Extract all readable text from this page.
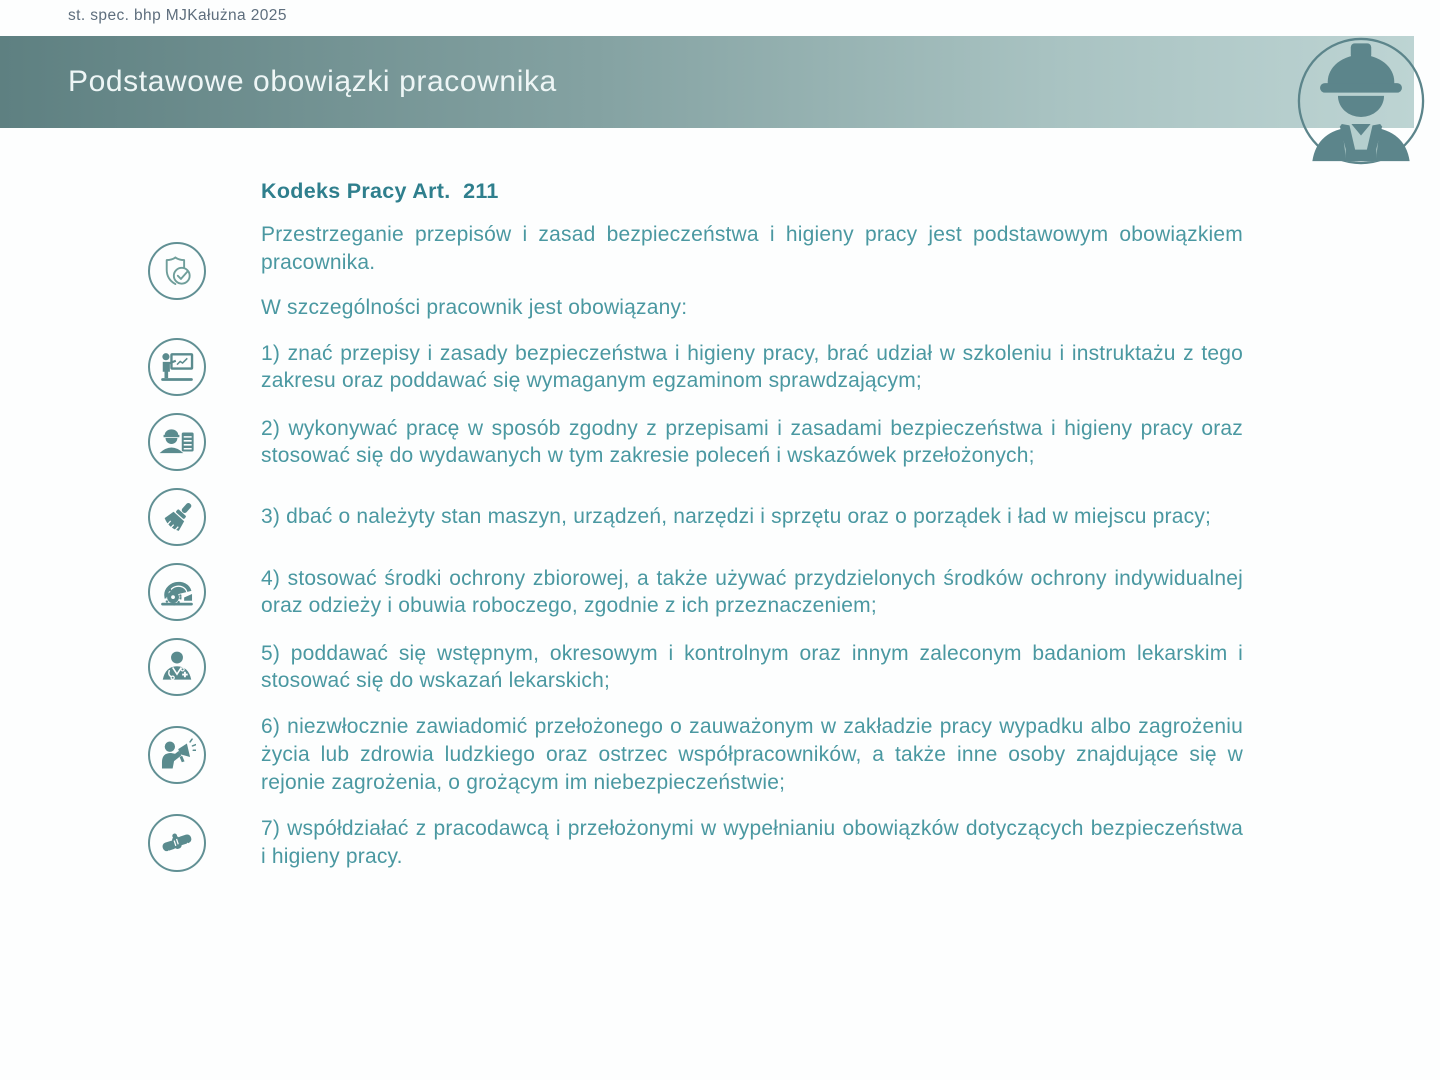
st. spec. bhp MJKałużna 2025
Podstawowe obowiązki pracownika
Kodeks Pracy Art.  211

Przestrzeganie przepisów i zasad bezpieczeństwa i higieny pracy jest podstawowym obowiązkiem pracownika.

W szczególności pracownik jest obowiązany:

1) znać przepisy i zasady bezpieczeństwa i higieny pracy, brać udział w szkoleniu i instruktażu z tego zakresu oraz poddawać się wymaganym egzaminom sprawdzającym;

2) wykonywać pracę w sposób zgodny z przepisami i zasadami bezpieczeństwa i higieny pracy oraz stosować się do wydawanych w tym zakresie poleceń i wskazówek przełożonych;

3) dbać o należyty stan maszyn, urządzeń, narzędzi i sprzętu oraz o porządek i ład w miejscu pracy;

4) stosować środki ochrony zbiorowej, a także używać przydzielonych środków ochrony indywidualnej oraz odzieży i obuwia roboczego, zgodnie z ich przeznaczeniem;

5) poddawać się wstępnym, okresowym i kontrolnym oraz innym zaleconym badaniom lekarskim i stosować się do wskazań lekarskich;

6) niezwłocznie zawiadomić przełożonego o zauważonym w zakładzie pracy wypadku albo zagrożeniu życia lub zdrowia ludzkiego oraz ostrzec współpracowników, a także inne osoby znajdujące się w rejonie zagrożenia, o grożącym im niebezpieczeństwie;

7) współdziałać z pracodawcą i przełożonymi w wypełnianiu obowiązków dotyczących bezpieczeństwa i higieny pracy.
